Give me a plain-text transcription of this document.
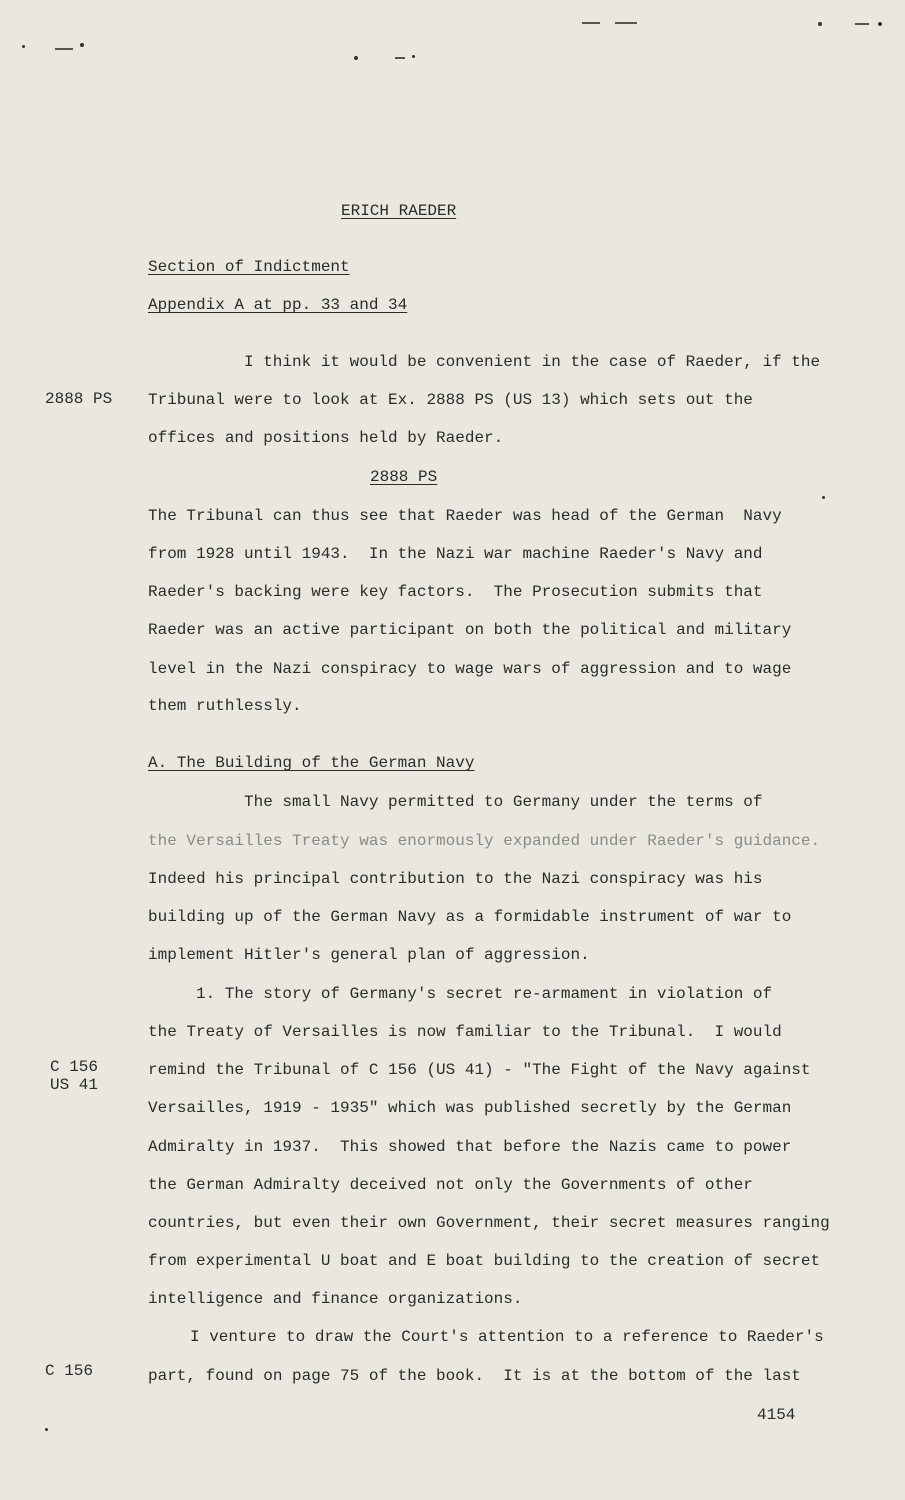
ERICH RAEDER
Section of Indictment
Appendix A at pp. 33 and 34
I think it would be convenient in the case of Raeder, if the
Tribunal were to look at Ex. 2888 PS (US 13) which sets out the
offices and positions held by Raeder.
2888 PS
The Tribunal can thus see that Raeder was head of the German  Navy
from 1928 until 1943.  In the Nazi war machine Raeder's Navy and
Raeder's backing were key factors.  The Prosecution submits that
Raeder was an active participant on both the political and military
level in the Nazi conspiracy to wage wars of aggression and to wage
them ruthlessly.
A. The Building of the German Navy
The small Navy permitted to Germany under the terms of
the Versailles Treaty was enormously expanded under Raeder's guidance.
Indeed his principal contribution to the Nazi conspiracy was his
building up of the German Navy as a formidable instrument of war to
implement Hitler's general plan of aggression.
1. The story of Germany's secret re-armament in violation of
the Treaty of Versailles is now familiar to the Tribunal.  I would
remind the Tribunal of C 156 (US 41) - "The Fight of the Navy against
Versailles, 1919 - 1935" which was published secretly by the German
Admiralty in 1937.  This showed that before the Nazis came to power
the German Admiralty deceived not only the Governments of other
countries, but even their own Government, their secret measures ranging
from experimental U boat and E boat building to the creation of secret
intelligence and finance organizations.
I venture to draw the Court's attention to a reference to Raeder's
part, found on page 75 of the book.  It is at the bottom of the last
2888 PS
C 156
US 41
C 156
4154
